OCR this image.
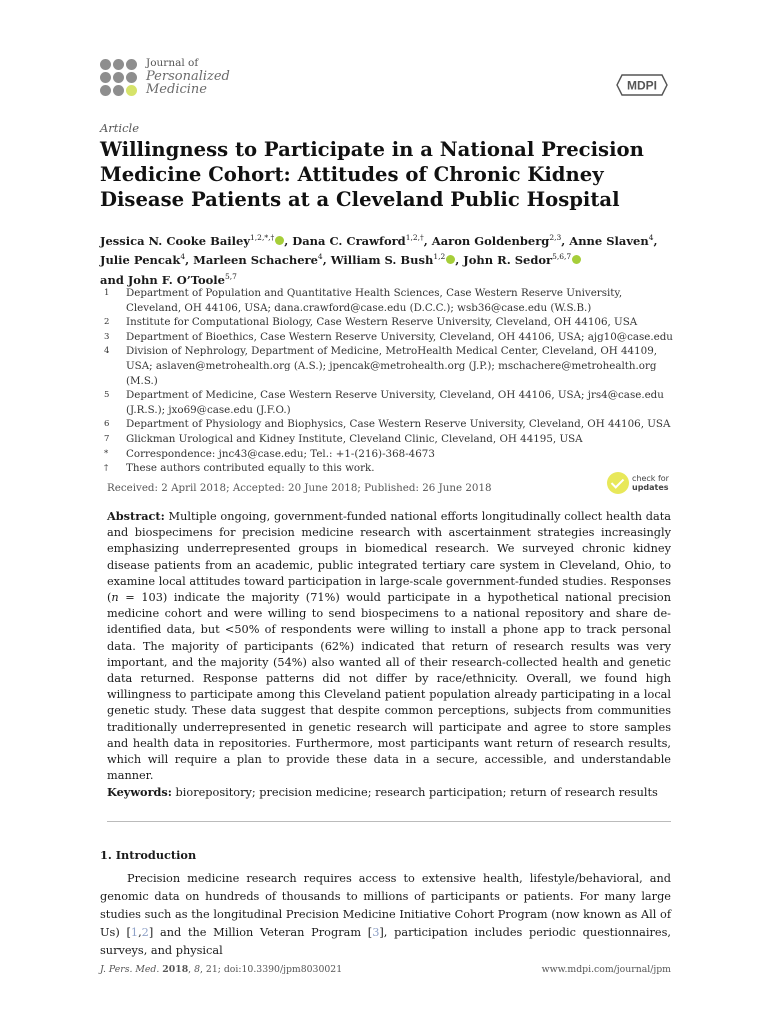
Journal of
Personalized
Medicine	MDPI
Article
Willingness to Participate in a National Precision Medicine Cohort: Attitudes of Chronic Kidney Disease Patients at a Cleveland Public Hospital
Jessica N. Cooke Bailey$^{1,2,*,\dagger}$ , Dana C. Crawford$^{1,2,\dagger}$, Aaron Goldenberg$^{2,3}$, Anne Slaven$^4$,
Julie Pencak$^4$, Marleen Schachere$^4$, William S. Bush$^{1,2}$ , John R. Sedor$^{5,6,7}$
and John F. O’Toole$^{5,7}$
1 Department of Population and Quantitative Health Sciences, Case Western Reserve University, Cleveland, OH 44106, USA; dana.crawford@case.edu (D.C.C.); wsb36@case.edu (W.S.B.)
2 Institute for Computational Biology, Case Western Reserve University, Cleveland, OH 44106, USA
3 Department of Bioethics, Case Western Reserve University, Cleveland, OH 44106, USA; ajg10@case.edu
4 Division of Nephrology, Department of Medicine, MetroHealth Medical Center, Cleveland, OH 44109, USA; aslaven@metrohealth.org (A.S.); jpencak@metrohealth.org (J.P.); mschachere@metrohealth.org (M.S.)
5 Department of Medicine, Case Western Reserve University, Cleveland, OH 44106, USA; jrs4@case.edu (J.R.S.); jxo69@case.edu (J.F.O.)
6 Department of Physiology and Biophysics, Case Western Reserve University, Cleveland, OH 44106, USA
7 Glickman Urological and Kidney Institute, Cleveland Clinic, Cleveland, OH 44195, USA
* Correspondence: jnc43@case.edu; Tel.: +1-(216)-368-4673
† These authors contributed equally to this work.
check for
updates
Received: 2 April 2018; Accepted: 20 June 2018; Published: 26 June 2018

Abstract: Multiple ongoing, government-funded national efforts longitudinally collect health data and biospecimens for precision medicine research with ascertainment strategies increasingly emphasizing underrepresented groups in biomedical research. We surveyed chronic kidney disease patients from an academic, public integrated tertiary care system in Cleveland, Ohio, to examine local attitudes toward participation in large-scale government-funded studies. Responses (n = 103) indicate the majority (71%) would participate in a hypothetical national precision medicine cohort and were willing to send biospecimens to a national repository and share de-identified data, but <50% of respondents were willing to install a phone app to track personal data. The majority of participants (62%) indicated that return of research results was very important, and the majority (54%) also wanted all of their research-collected health and genetic data returned. Response patterns did not differ by race/ethnicity. Overall, we found high willingness to participate among this Cleveland patient population already participating in a local genetic study. These data suggest that despite common perceptions, subjects from communities traditionally underrepresented in genetic research will participate and agree to store samples and health data in repositories. Furthermore, most participants want return of research results, which will require a plan to provide these data in a secure, accessible, and understandable manner.

Keywords: biorepository; precision medicine; research participation; return of research results

1. Introduction

Precision medicine research requires access to extensive health, lifestyle/behavioral, and genomic data on hundreds of thousands to millions of participants or patients. For many large studies such as the longitudinal Precision Medicine Initiative Cohort Program (now known as All of Us) [1,2] and the Million Veteran Program [3], participation includes periodic questionnaires, surveys, and physical

J. Pers. Med. 2018, 8, 21; doi:10.3390/jpm8030021	www.mdpi.com/journal/jpm
